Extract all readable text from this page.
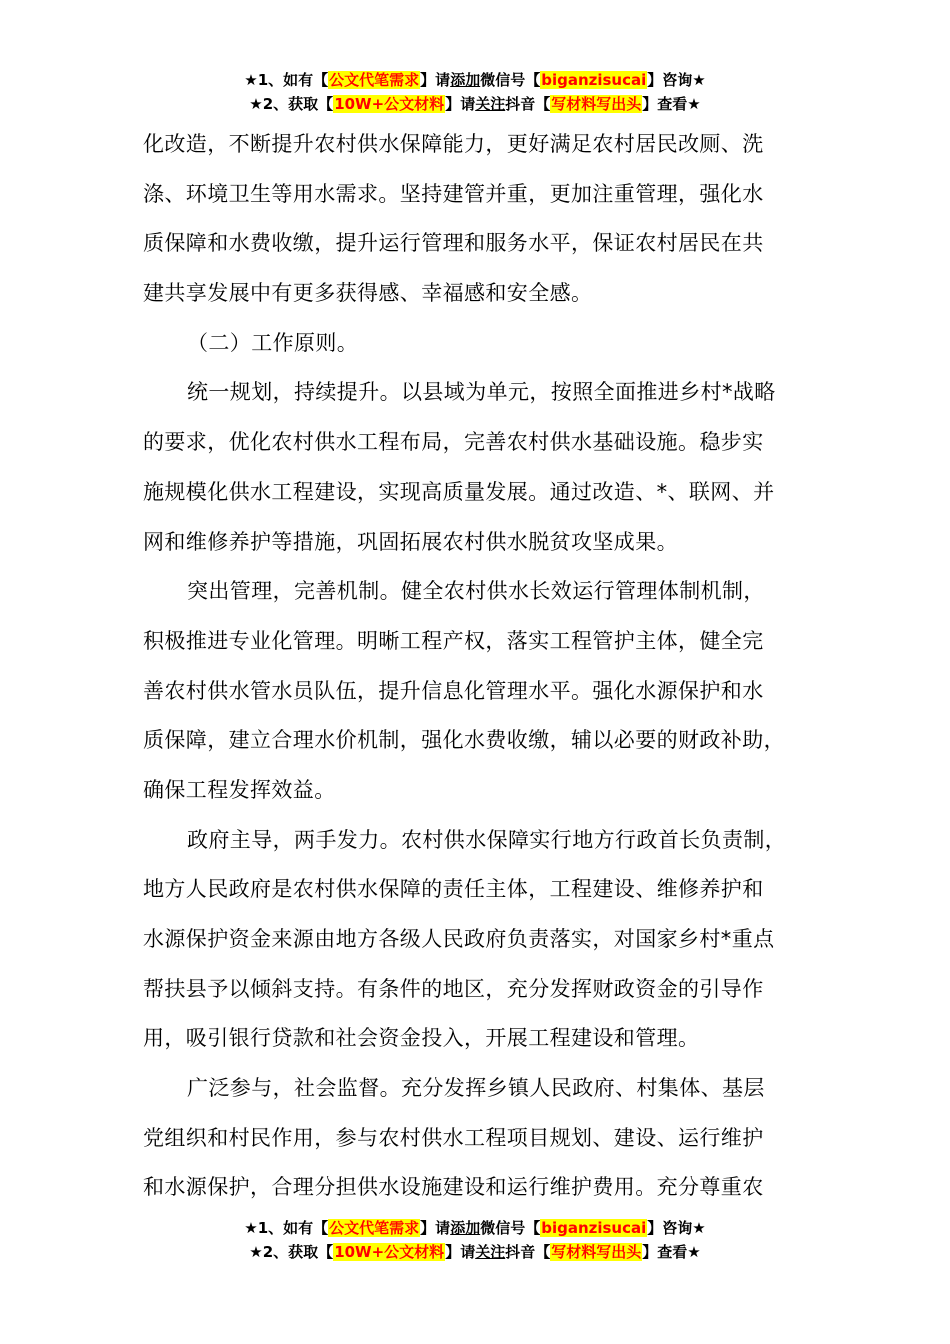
★1、如有【公文代笔需求】请添加微信号【biganzisucai】咨询★
★2、获取【10W+公文材料】请关注抖音【写材料写出头】查看★
化改造，不断提升农村供水保障能力，更好满足农村居民改厕、洗
涤、环境卫生等用水需求。坚持建管并重，更加注重管理，强化水
质保障和水费收缴，提升运行管理和服务水平，保证农村居民在共
建共享发展中有更多获得感、幸福感和安全感。
（二）工作原则。
统一规划，持续提升。以县域为单元，按照全面推进乡村*战略
的要求，优化农村供水工程布局，完善农村供水基础设施。稳步实
施规模化供水工程建设，实现高质量发展。通过改造、*、联网、并
网和维修养护等措施，巩固拓展农村供水脱贫攻坚成果。
突出管理，完善机制。健全农村供水长效运行管理体制机制，
积极推进专业化管理。明晰工程产权，落实工程管护主体，健全完
善农村供水管水员队伍，提升信息化管理水平。强化水源保护和水
质保障，建立合理水价机制，强化水费收缴，辅以必要的财政补助，
确保工程发挥效益。
政府主导，两手发力。农村供水保障实行地方行政首长负责制，
地方人民政府是农村供水保障的责任主体，工程建设、维修养护和
水源保护资金来源由地方各级人民政府负责落实，对国家乡村*重点
帮扶县予以倾斜支持。有条件的地区，充分发挥财政资金的引导作
用，吸引银行贷款和社会资金投入，开展工程建设和管理。
广泛参与，社会监督。充分发挥乡镇人民政府、村集体、基层
党组织和村民作用，参与农村供水工程项目规划、建设、运行维护
和水源保护，合理分担供水设施建设和运行维护费用。充分尊重农
★1、如有【公文代笔需求】请添加微信号【biganzisucai】咨询★
★2、获取【10W+公文材料】请关注抖音【写材料写出头】查看★
